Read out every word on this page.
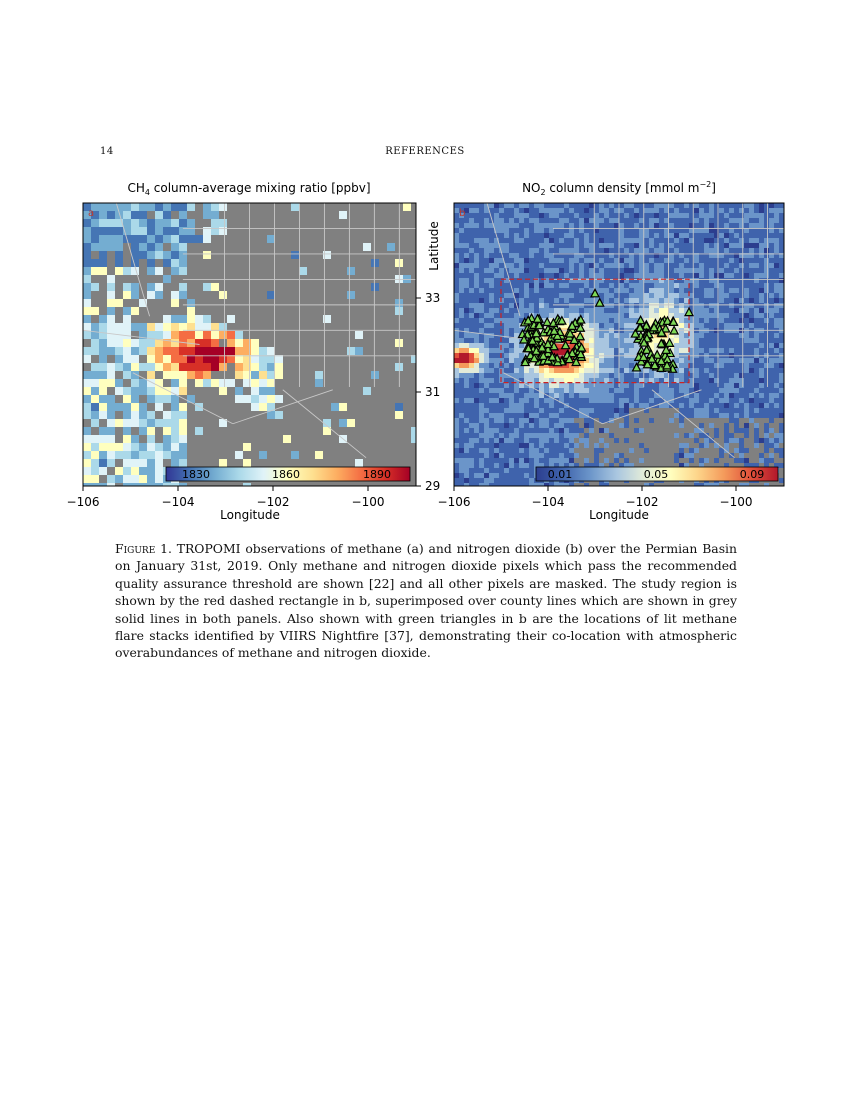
14	REFERENCES
$CH_4$ column-average mixing ratio [ppbv]	$NO_2$ column density [mmol $m^{-2}$]
a
1830	1860	1890
b
0.01	0.05	0.09
−106	−104	−102	−100
Longitude
33
31
29
Latitude
−106	−104	−102	−100
Longitude
Figure 1. TROPOMI observations of methane (a) and nitrogen dioxide (b) over the Permian Basin on January 31st, 2019. Only methane and nitrogen dioxide pixels which pass the recommended quality assurance threshold are shown [22] and all other pixels are masked. The study region is shown by the red dashed rectangle in b, superimposed over county lines which are shown in grey solid lines in both panels. Also shown with green triangles in b are the locations of lit methane flare stacks identified by VIIRS Nightfire [37], demonstrating their co-location with atmospheric overabundances of methane and nitrogen dioxide.
